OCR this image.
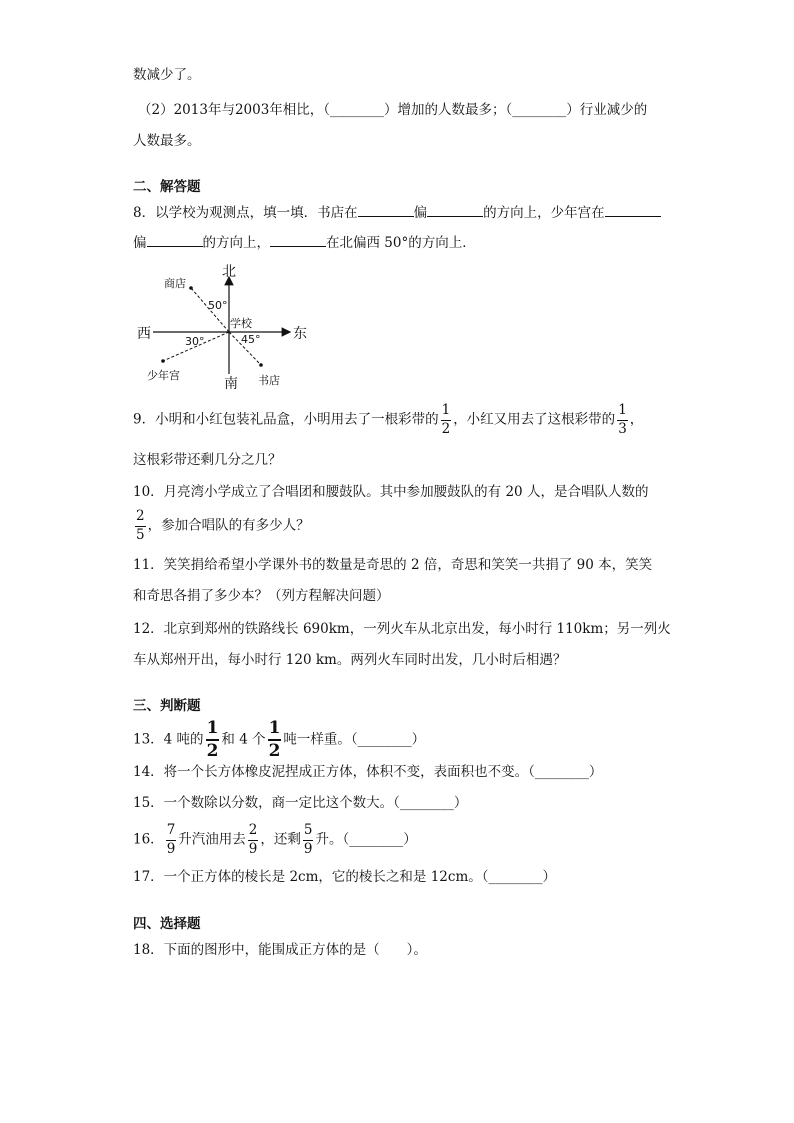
数减少了。
（2）2013年与2003年相比，（________）增加的人数最多；（________）行业减少的
人数最多。
二、解答题
8．以学校为观测点，填一填．书店在	偏	的方向上，少年宫在
偏	的方向上，	在北偏西 50°的方向上．
北
东
西
南
学校
商店
少年宫	书店
50°
30°	45°
9．小明和小红包装礼品盒，小明用去了一根彩带的 $\frac{1}{2}$ ，小红又用去了这根彩带的 $\frac{1}{3}$ ，
这根彩带还剩几分之几？
10．月亮湾小学成立了合唱团和腰鼓队。其中参加腰鼓队的有 20 人，是合唱队人数的
$\frac{2}{5}$ ，参加合唱队的有多少人？
11．笑笑捐给希望小学课外书的数量是奇思的 2 倍，奇思和笑笑一共捐了 90 本，笑笑
和奇思各捐了多少本？（列方程解决问题）
12．北京到郑州的铁路线长 690km，一列火车从北京出发，每小时行 110km；另一列火
车从郑州开出，每小时行 120 km。两列火车同时出发，几小时后相遇？
三、判断题
13．4 吨的 $\frac{1}{2}$ 和 4 个 $\frac{1}{2}$ 吨一样重。（________）
14．将一个长方体橡皮泥捏成正方体，体积不变，表面积也不变。（________）
15．一个数除以分数，商一定比这个数大。（________）
16． $\frac{7}{9}$ 升汽油用去 $\frac{2}{9}$ ，还剩 $\frac{5}{9}$ 升。（________）
17．一个正方体的棱长是 2cm，它的棱长之和是 12cm。（________）
四、选择题
18．下面的图形中，能围成正方体的是（　　）。
